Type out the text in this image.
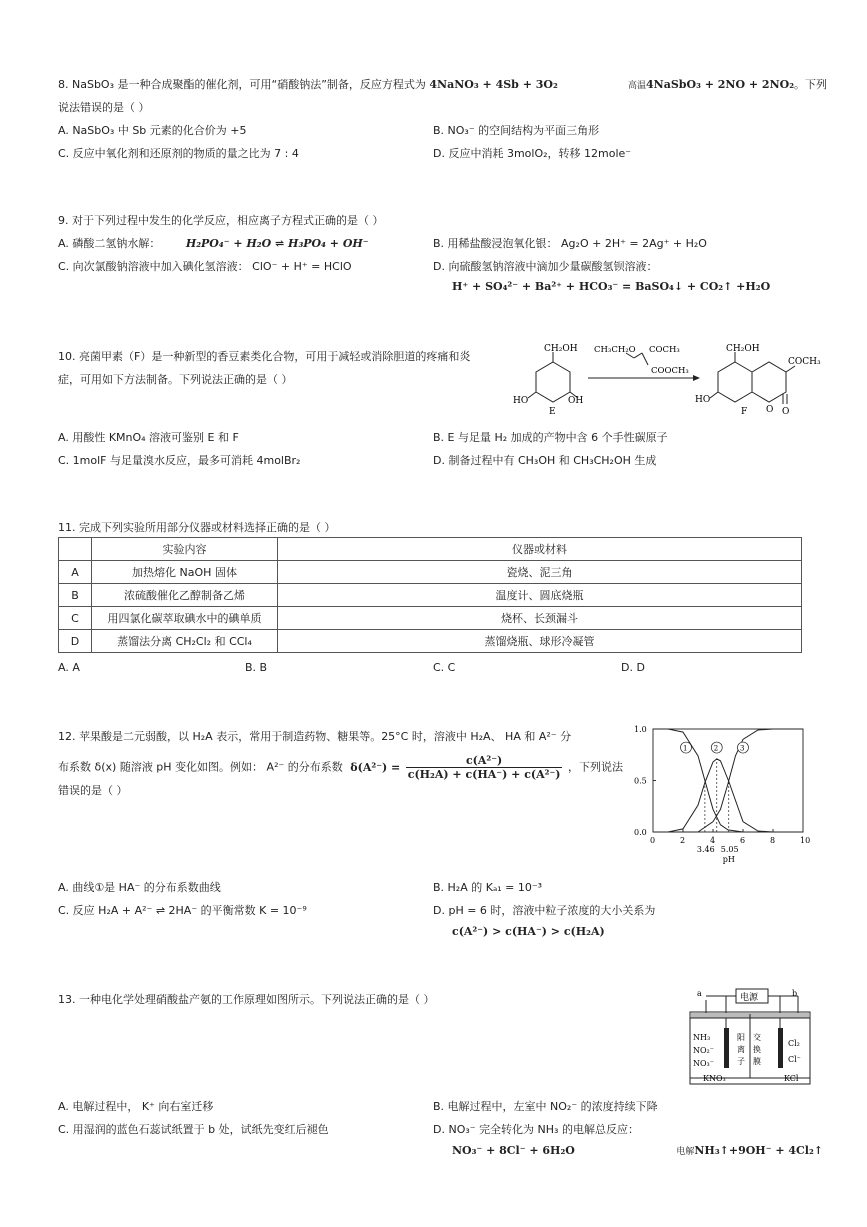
8. NaSbO₃ 是一种合成聚酯的催化剂，可用“硝酸钠法”制备，反应方程式为 4NaNO₃ + 4Sb + 3O₂	高温4NaSbO₃ + 2NO + 2NO₂。下列
说法错误的是（ ）
A. NaSbO₃ 中 Sb 元素的化合价为 +5	B. NO₃⁻ 的空间结构为平面三角形
C. 反应中氧化剂和还原剂的物质的量之比为 7 : 4	D. 反应中消耗 3molO₂，转移 12mole⁻
9. 对于下列过程中发生的化学反应，相应离子方程式正确的是（ ）
A. 磷酸二氢钠水解： H₂PO₄⁻ + H₂O ⇌ H₃PO₄ + OH⁻	B. 用稀盐酸浸泡氧化银： Ag₂O + 2H⁺ = 2Ag⁺ + H₂O
C. 向次氯酸钠溶液中加入碘化氢溶液： ClO⁻ + H⁺ = HClO	D. 向硫酸氢钠溶液中滴加少量碳酸氢钡溶液：
H⁺ + SO₄²⁻ + Ba²⁺ + HCO₃⁻ = BaSO₄↓ + CO₂↑ +H₂O
10. 亮菌甲素（F）是一种新型的香豆素类化合物，可用于减轻或消除胆道的疼痛和炎
症，可用如下方法制备。下列说法正确的是（ ）
CH₂OH
HO	OH
E
CH₃CH₂O COCH₃
COOCH₃
CH₂OH
COCH₃
O O
HO
F
A. 用酸性 KMnO₄ 溶液可鉴别 E 和 F	B. E 与足量 H₂ 加成的产物中含 6 个手性碳原子
C. 1molF 与足量溴水反应，最多可消耗 4molBr₂	D. 制备过程中有 CH₃OH 和 CH₃CH₂OH 生成
11. 完成下列实验所用部分仪器或材料选择正确的是（ ）
	实验内容	仪器或材料
A	加热熔化 NaOH 固体	瓷烧、泥三角
B	浓硫酸催化乙醇制备乙烯	温度计、圆底烧瓶
C	用四氯化碳萃取碘水中的碘单质	烧杯、长颈漏斗
D	蒸馏法分离 CH₂Cl₂ 和 CCl₄	蒸馏烧瓶、球形冷凝管
A. A	B. B	C. C	D. D
12. 苹果酸是二元弱酸，以 H₂A 表示，常用于制造药物、糖果等。25°C 时，溶液中 H₂A、 HA 和 A²⁻ 分
布系数 δ(x) 随溶液 pH 变化如图。例如： A²⁻ 的分布系数 $\delta(A^{2-}) = \frac{\text{c(A²⁻)}}{\text{c(H₂A) + c(HA⁻) + c(A²⁻)}}$ ，下列说法
错误的是（ ）
0	2	4	6	8	10
0.0
0.5
1.0
pH
1	2	3
3.46 5.05
A. 曲线①是 HA⁻ 的分布系数曲线	B. H₂A 的 Kₐ₁ = 10⁻³
C. 反应 H₂A + A²⁻ ⇌ 2HA⁻ 的平衡常数 K = 10⁻⁹	D. pH = 6 时，溶液中粒子浓度的大小关系为
c(A²⁻) > c(HA⁻) > c(H₂A)
13. 一种电化学处理硝酸盐产氨的工作原理如图所示。下列说法正确的是（ ）	电源
a	b
NH₃
NO₂⁻
NO₃⁻
KNO₃
阳
离
子
交
换
膜
Cl₂
Cl⁻
KCl
A. 电解过程中， K⁺ 向右室迁移	B. 电解过程中，左室中 NO₂⁻ 的浓度持续下降
C. 用湿润的蓝色石蕊试纸置于 b 处，试纸先变红后褪色	D. NO₃⁻ 完全转化为 NH₃ 的电解总反应：
NO₃⁻ + 8Cl⁻ + 6H₂O	电解NH₃↑+9OH⁻ + 4Cl₂↑
